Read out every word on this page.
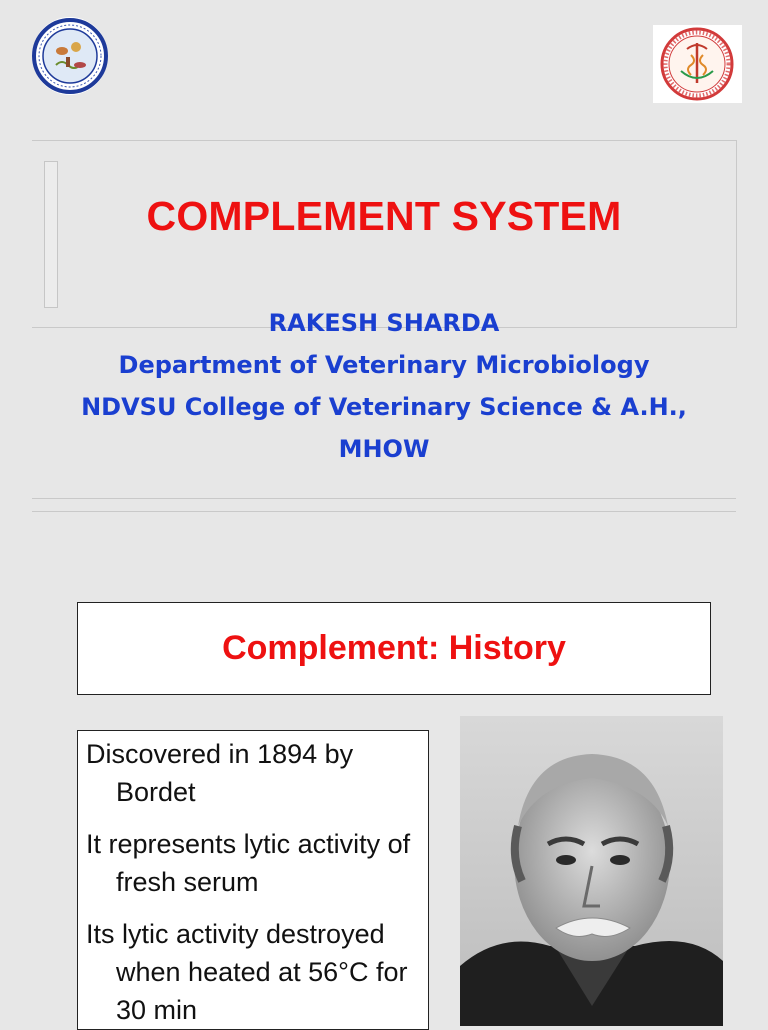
COMPLEMENT SYSTEM
RAKESH SHARDA
Department of Veterinary Microbiology
NDVSU College of Veterinary Science & A.H.,
MHOW
Complement: History
Discovered in 1894 by Bordet
It represents lytic activity of fresh serum
Its lytic activity destroyed when heated at 56°C for 30 min
